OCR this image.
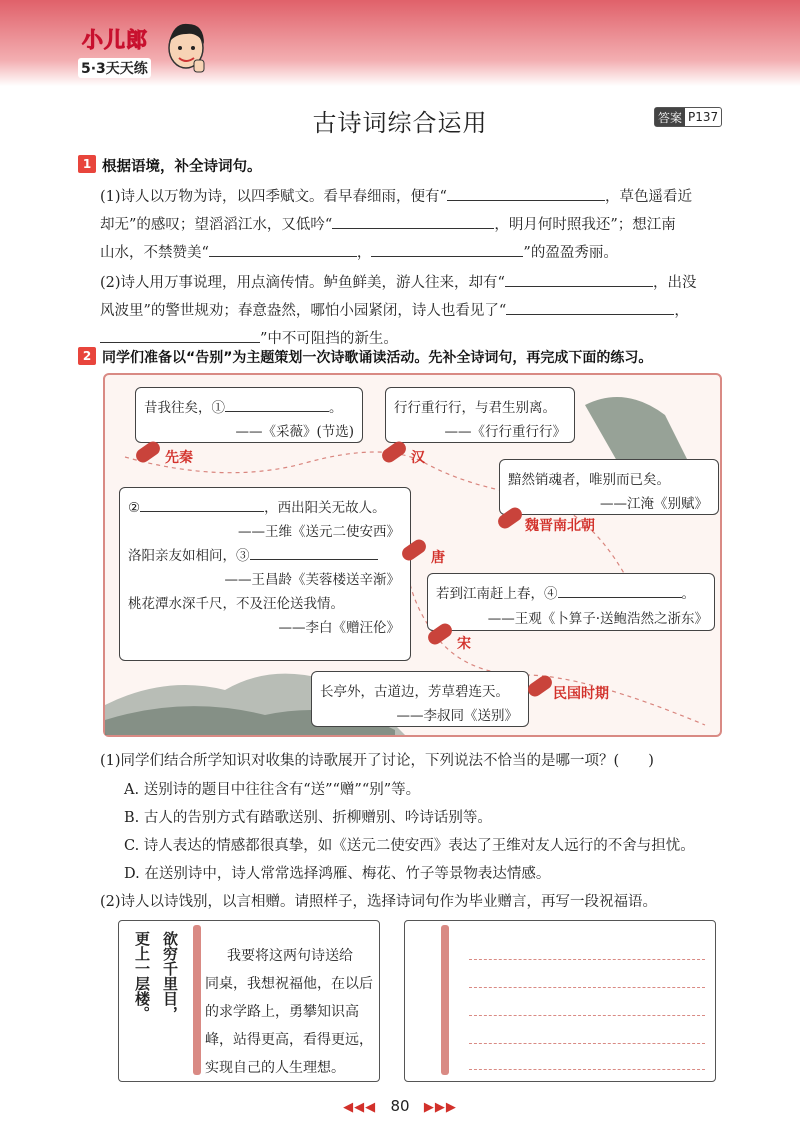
小儿郎
5·3天天练
古诗词综合运用	答案 P137
1 根据语境，补全诗词句。
(1)诗人以万物为诗，以四季赋文。看早春细雨，便有“	，草色遥看近
却无”的感叹；望滔滔江水，又低吟“	，明月何时照我还”；想江南
山水，不禁赞美“	，	”的盈盈秀丽。
(2)诗人用万事说理，用点滴传情。鲈鱼鲜美，游人往来，却有“	，出没
风波里”的警世规劝；春意盎然，哪怕小园紧闭，诗人也看见了“	，
”中不可阻挡的新生。
2 同学们准备以“告别”为主题策划一次诗歌诵读活动。先补全诗词句，再完成下面的练习。
昔我往矣，①	。
——《采薇》(节选)
行行重行行，与君生别离。
——《行行重行行》
黯然销魂者，唯别而已矣。
——江淹《别赋》
②	，西出阳关无故人。
——王维《送元二使安西》
洛阳亲友如相问，③
——王昌龄《芙蓉楼送辛渐》
桃花潭水深千尺，不及汪伦送我情。
——李白《赠汪伦》
若到江南赶上春，④	。
——王观《卜算子·送鲍浩然之浙东》
长亭外，古道边，芳草碧连天。
——李叔同《送别》
先秦	汉
魏晋南北朝
唐
宋
民国时期
(1)同学们结合所学知识对收集的诗歌展开了讨论，下列说法不恰当的是哪一项？(　　)
A. 送别诗的题目中往往含有“送”“赠”“别”等。
B. 古人的告别方式有踏歌送别、折柳赠别、吟诗话别等。
C. 诗人表达的情感都很真挚，如《送元二使安西》表达了王维对友人远行的不舍与担忧。
D. 在送别诗中，诗人常常选择鸿雁、梅花、竹子等景物表达情感。
(2)诗人以诗饯别，以言相赠。请照样子，选择诗词句作为毕业赠言，再写一段祝福语。
更上一层楼。 欲穷千里目，	我要将这两句诗送给
同桌，我想祝福他，在以后
的求学路上，勇攀知识高
峰，站得更高，看得更远，
实现自己的人生理想。
◀◀◀ 80 ▶▶▶
